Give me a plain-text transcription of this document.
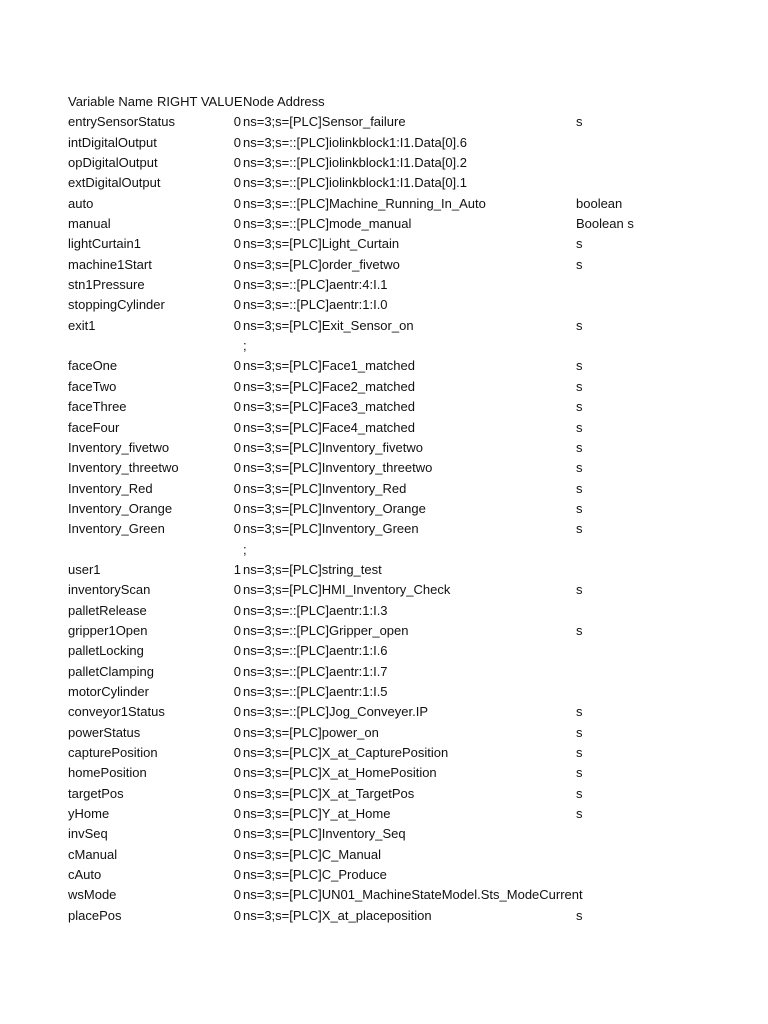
Variable Name RIGHT VALUE Node Address
entrySensorStatus	0 ns=3;s=[PLC]Sensor_failure	s
intDigitalOutput	0 ns=3;s=::[PLC]iolinkblock1:I1.Data[0].6
opDigitalOutput	0 ns=3;s=::[PLC]iolinkblock1:I1.Data[0].2
extDigitalOutput	0 ns=3;s=::[PLC]iolinkblock1:I1.Data[0].1
auto	0 ns=3;s=::[PLC]Machine_Running_In_Auto	boolean
manual	0 ns=3;s=::[PLC]mode_manual	Boolean s
lightCurtain1	0 ns=3;s=[PLC]Light_Curtain	s
machine1Start	0 ns=3;s=[PLC]order_fivetwo	s
stn1Pressure	0 ns=3;s=::[PLC]aentr:4:I.1
stoppingCylinder	0 ns=3;s=::[PLC]aentr:1:I.0
exit1	0 ns=3;s=[PLC]Exit_Sensor_on	s
;
faceOne	0 ns=3;s=[PLC]Face1_matched	s
faceTwo	0 ns=3;s=[PLC]Face2_matched	s
faceThree	0 ns=3;s=[PLC]Face3_matched	s
faceFour	0 ns=3;s=[PLC]Face4_matched	s
Inventory_fivetwo	0 ns=3;s=[PLC]Inventory_fivetwo	s
Inventory_threetwo	0 ns=3;s=[PLC]Inventory_threetwo	s
Inventory_Red	0 ns=3;s=[PLC]Inventory_Red	s
Inventory_Orange	0 ns=3;s=[PLC]Inventory_Orange	s
Inventory_Green	0 ns=3;s=[PLC]Inventory_Green	s
;
user1	1 ns=3;s=[PLC]string_test
inventoryScan	0 ns=3;s=[PLC]HMI_Inventory_Check	s
palletRelease	0 ns=3;s=::[PLC]aentr:1:I.3
gripper1Open	0 ns=3;s=::[PLC]Gripper_open	s
palletLocking	0 ns=3;s=::[PLC]aentr:1:I.6
palletClamping	0 ns=3;s=::[PLC]aentr:1:I.7
motorCylinder	0 ns=3;s=::[PLC]aentr:1:I.5
conveyor1Status	0 ns=3;s=::[PLC]Jog_Conveyer.IP	s
powerStatus	0 ns=3;s=[PLC]power_on	s
capturePosition	0 ns=3;s=[PLC]X_at_CapturePosition	s
homePosition	0 ns=3;s=[PLC]X_at_HomePosition	s
targetPos	0 ns=3;s=[PLC]X_at_TargetPos	s
yHome	0 ns=3;s=[PLC]Y_at_Home	s
invSeq	0 ns=3;s=[PLC]Inventory_Seq
cManual	0 ns=3;s=[PLC]C_Manual
cAuto	0 ns=3;s=[PLC]C_Produce
wsMode	0 ns=3;s=[PLC]UN01_MachineStateModel.Sts_ModeCurrent
placePos	0 ns=3;s=[PLC]X_at_placeposition	s
